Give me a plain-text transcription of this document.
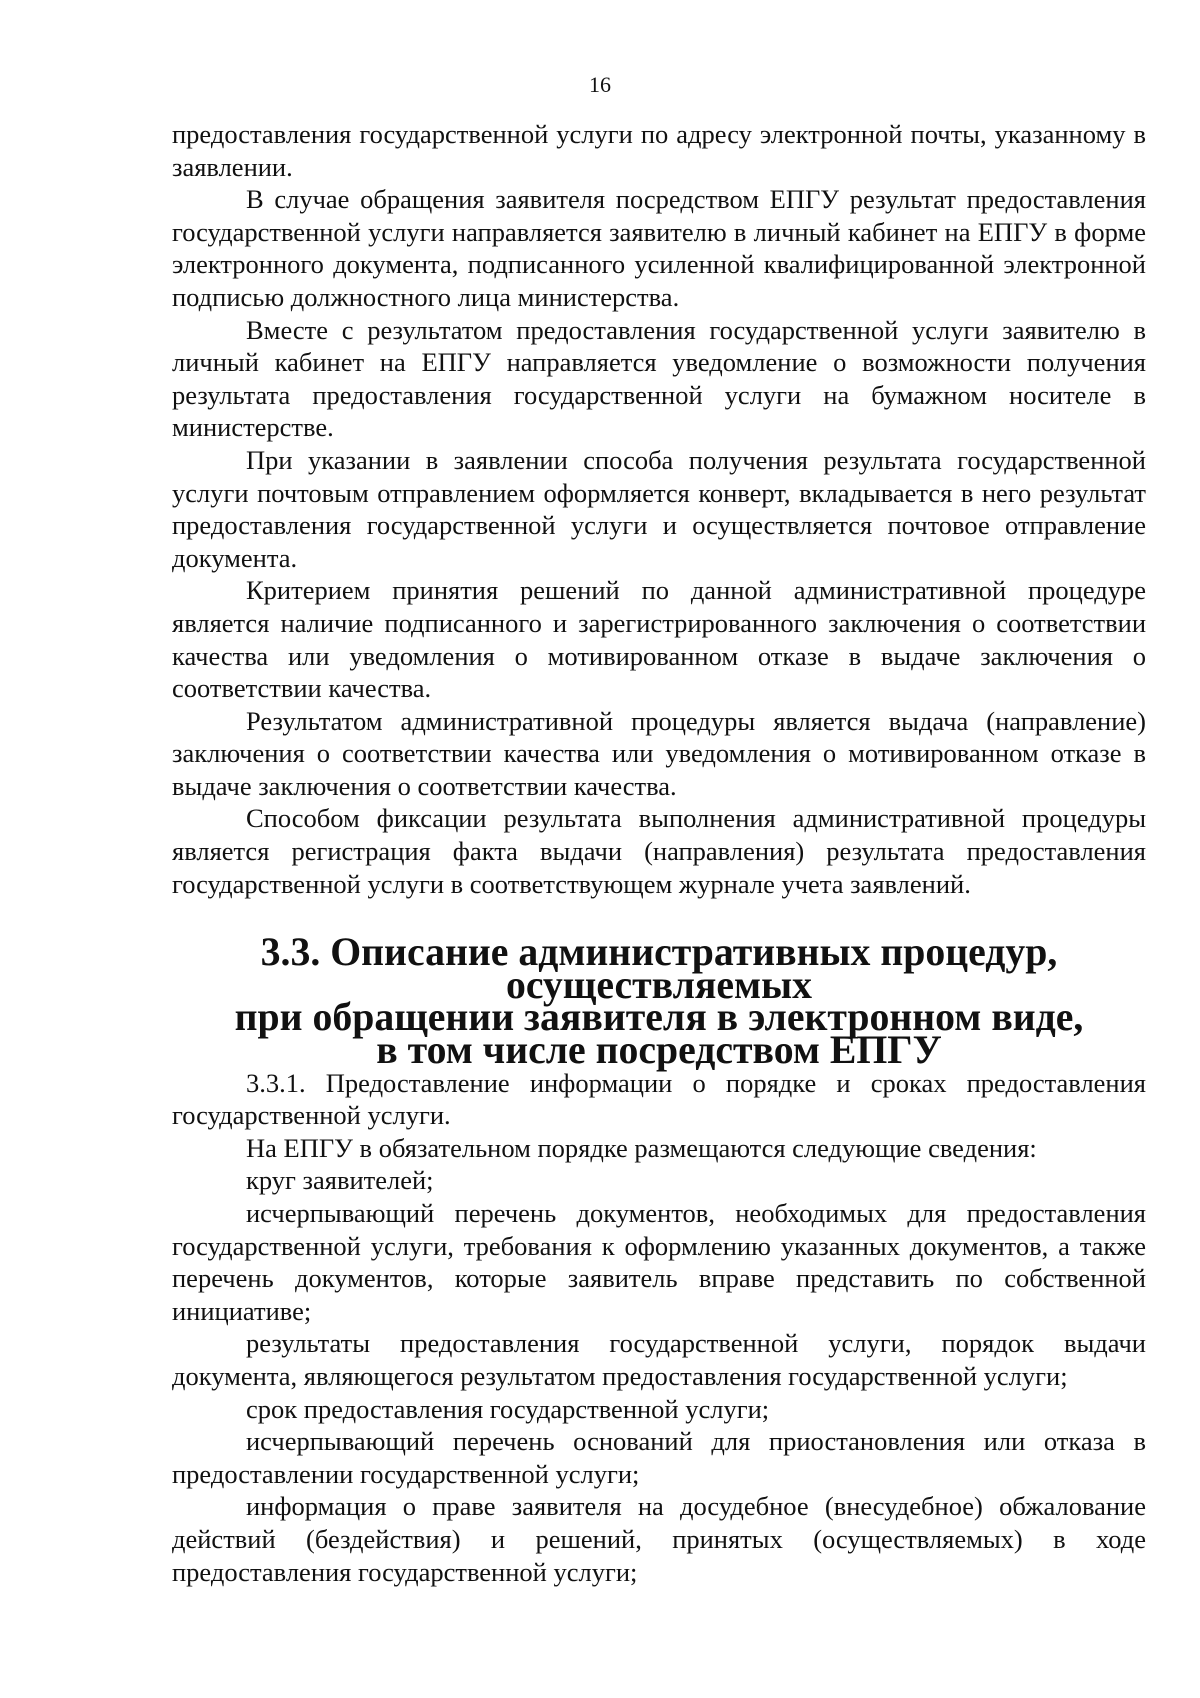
16

предоставления государственной услуги по адресу электронной почты, указанному в заявлении.

В случае обращения заявителя посредством ЕПГУ результат предоставления государственной услуги направляется заявителю в личный кабинет на ЕПГУ в форме электронного документа, подписанного усиленной квалифицированной электронной подписью должностного лица министерства.

Вместе с результатом предоставления государственной услуги заявителю в личный кабинет на ЕПГУ направляется уведомление о возможности получения результата предоставления государственной услуги на бумажном носителе в министерстве.

При указании в заявлении способа получения результата государственной услуги почтовым отправлением оформляется конверт, вкладывается в него результат предоставления государственной услуги и осуществляется почтовое отправление документа.

Критерием принятия решений по данной административной процедуре является наличие подписанного и зарегистрированного заключения о соответствии качества или уведомления о мотивированном отказе в выдаче заключения о соответствии качества.

Результатом административной процедуры является выдача (направление) заключения о соответствии качества или уведомления о мотивированном отказе в выдаче заключения о соответствии качества.

Способом фиксации результата выполнения административной процедуры является регистрация факта выдачи (направления) результата предоставления государственной услуги в соответствующем журнале учета заявлений.

3.3. Описание административных процедур, осуществляемых
при обращении заявителя в электронном виде,
в том числе посредством ЕПГУ

3.3.1. Предоставление информации о порядке и сроках предоставления государственной услуги.

На ЕПГУ в обязательном порядке размещаются следующие сведения:

круг заявителей;

исчерпывающий перечень документов, необходимых для предоставления государственной услуги, требования к оформлению указанных документов, а также перечень документов, которые заявитель вправе представить по собственной инициативе;

результаты предоставления государственной услуги, порядок выдачи документа, являющегося результатом предоставления государственной услуги;

срок предоставления государственной услуги;

исчерпывающий перечень оснований для приостановления или отказа в предоставлении государственной услуги;

информация о праве заявителя на досудебное (внесудебное) обжалование действий (бездействия) и решений, принятых (осуществляемых) в ходе предоставления государственной услуги;
